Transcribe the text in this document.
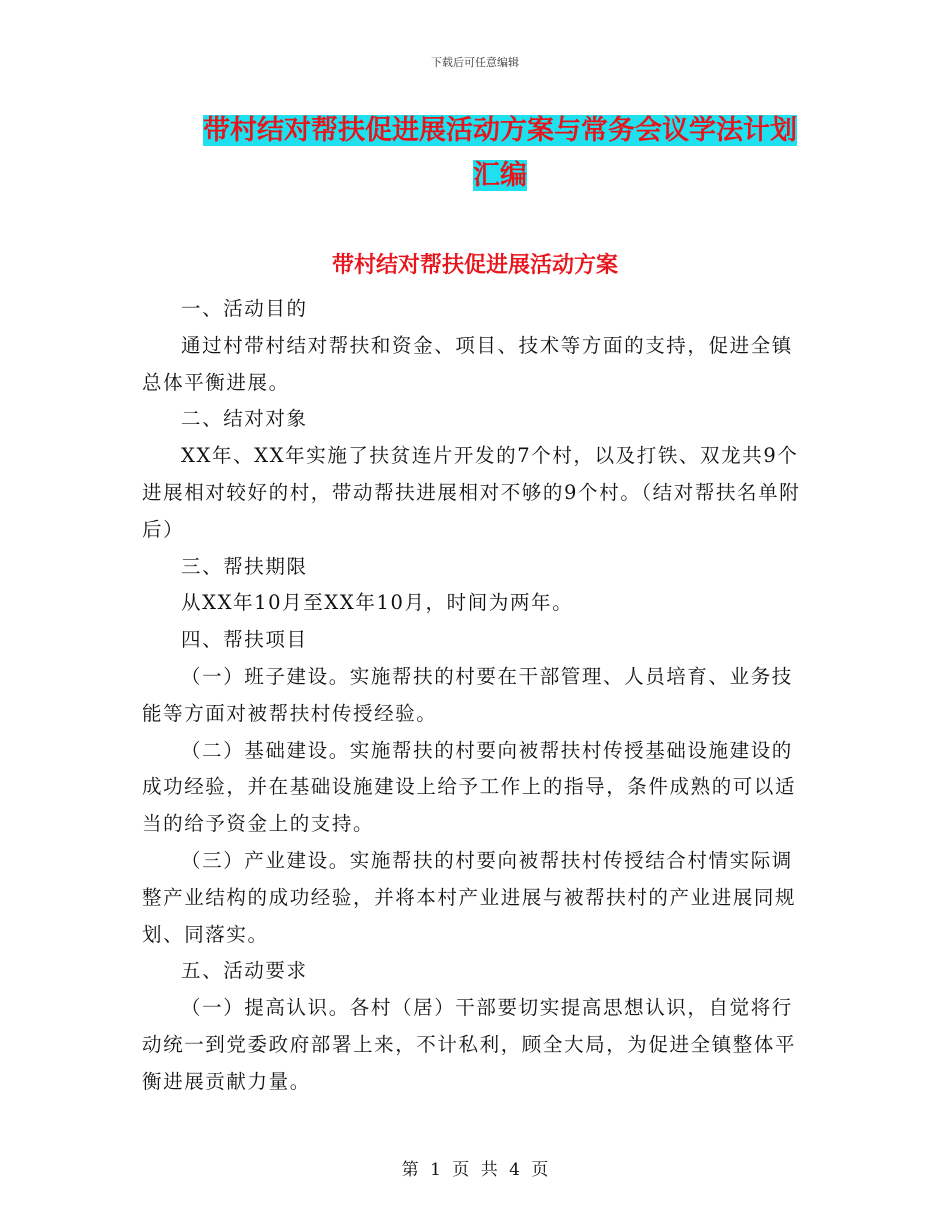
下载后可任意编辑
带村结对帮扶促进展活动方案与常务会议学法计划汇编
带村结对帮扶促进展活动方案

一、活动目的

通过村带村结对帮扶和资金、项目、技术等方面的支持，促进全镇总体平衡进展。

二、结对对象

XX年、XX年实施了扶贫连片开发的7个村，以及打铁、双龙共9个进展相对较好的村，带动帮扶进展相对不够的9个村。（结对帮扶名单附后）

三、帮扶期限

从XX年10月至XX年10月，时间为两年。

四、帮扶项目

（一）班子建设。实施帮扶的村要在干部管理、人员培育、业务技能等方面对被帮扶村传授经验。

（二）基础建设。实施帮扶的村要向被帮扶村传授基础设施建设的成功经验，并在基础设施建设上给予工作上的指导，条件成熟的可以适当的给予资金上的支持。

（三）产业建设。实施帮扶的村要向被帮扶村传授结合村情实际调整产业结构的成功经验，并将本村产业进展与被帮扶村的产业进展同规划、同落实。

五、活动要求

（一）提高认识。各村（居）干部要切实提高思想认识，自觉将行动统一到党委政府部署上来，不计私利，顾全大局，为促进全镇整体平衡进展贡献力量。

第 1 页 共 4 页
